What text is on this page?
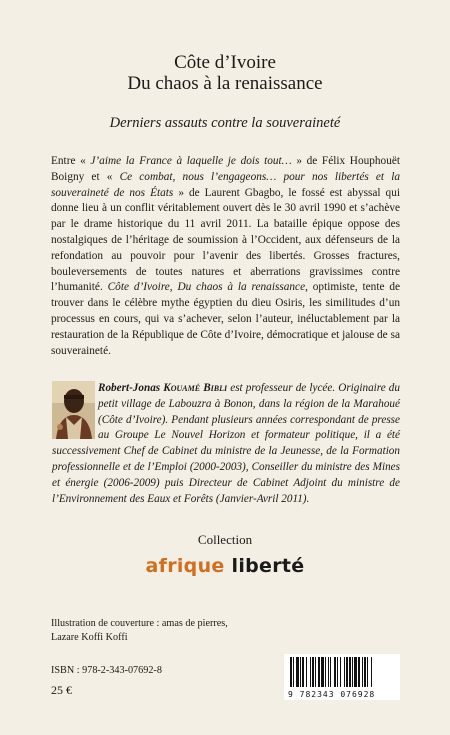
Côte d’Ivoire
Du chaos à la renaissance
Derniers assauts contre la souveraineté
Entre « J’aime la France à laquelle je dois tout… » de Félix Houphouët Boigny et « Ce combat, nous l’engageons… pour nos libertés et la souveraineté de nos États » de Laurent Gbagbo, le fossé est abyssal qui donne lieu à un conflit véritablement ouvert dès le 30 avril 1990 et s’achève par le drame historique du 11 avril 2011. La bataille épique oppose des nostalgiques de l’héritage de soumission à l’Occident, aux défenseurs de la refondation au pouvoir pour l’avenir des libertés. Grosses fractures, bouleversements de toutes natures et aberrations gravissimes contre l’humanité. Côte d’Ivoire, Du chaos à la renaissance, optimiste, tente de trouver dans le célèbre mythe égyptien du dieu Osiris, les similitudes d’un processus en cours, qui va s’achever, selon l’auteur, inéluctablement par la restauration de la République de Côte d’Ivoire, démocratique et jalouse de sa souveraineté.
Robert-Jonas Kouamé Bibli est professeur de lycée. Originaire du petit village de Labouzra à Bonon, dans la région de la Marahoué (Côte d’Ivoire). Pendant plusieurs années correspondant de presse au Groupe Le Nouvel Horizon et formateur politique, il a été successivement Chef de Cabinet du ministre de la Jeunesse, de la Formation professionnelle et de l’Emploi (2000-2003), Conseiller du ministre des Mines et énergie (2006-2009) puis Directeur de Cabinet Adjoint du ministre de l’Environnement des Eaux et Forêts (Janvier-Avril 2011).
Collection
afrique liberté
Illustration de couverture : amas de pierres,
Lazare Koffi Koffi
ISBN : 978-2-343-07692-8
25 €	9 782343 076928
